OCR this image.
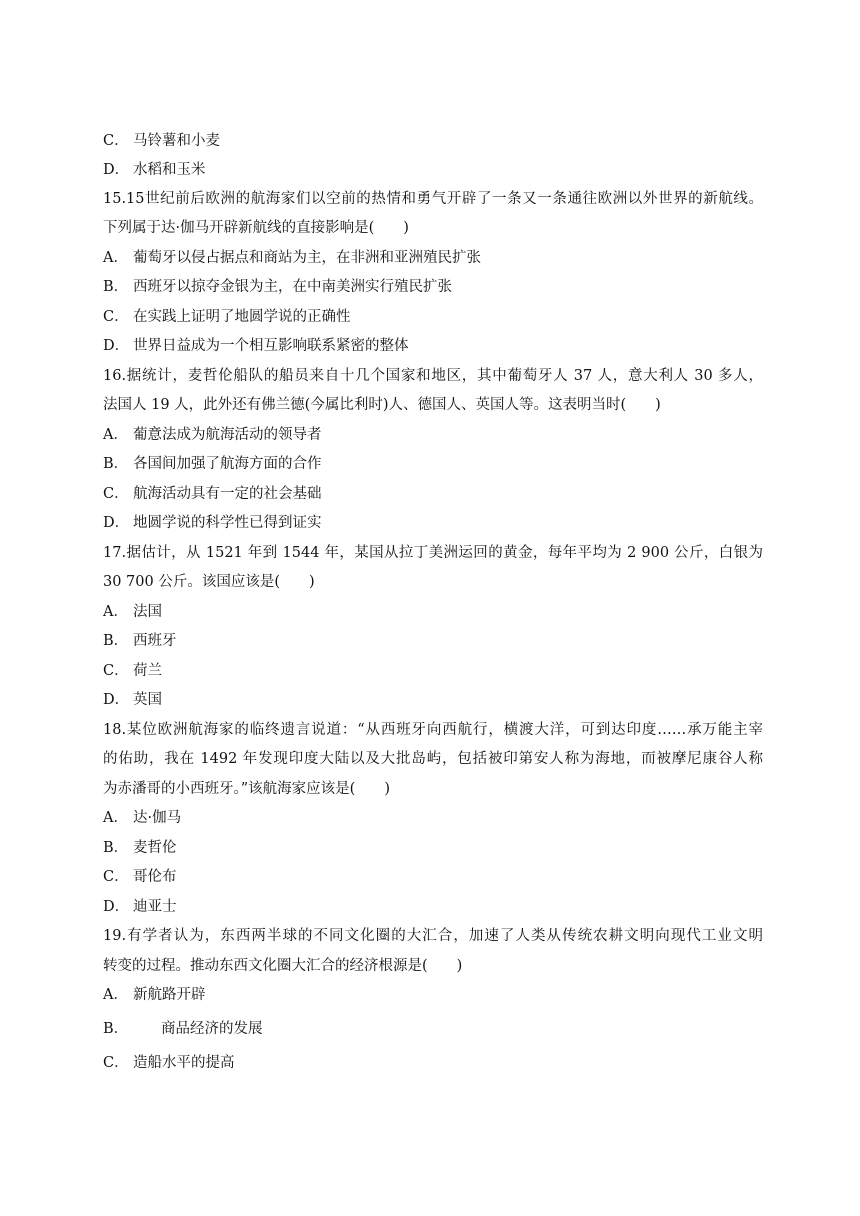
C． 马铃薯和小麦
D． 水稻和玉米
15.15世纪前后欧洲的航海家们以空前的热情和勇气开辟了一条又一条通往欧洲以外世界的新航线。
下列属于达·伽马开辟新航线的直接影响是(　　)
A． 葡萄牙以侵占据点和商站为主，在非洲和亚洲殖民扩张
B． 西班牙以掠夺金银为主，在中南美洲实行殖民扩张
C． 在实践上证明了地圆学说的正确性
D． 世界日益成为一个相互影响联系紧密的整体
16.据统计，麦哲伦船队的船员来自十几个国家和地区，其中葡萄牙人 37 人，意大利人 30 多人，
法国人 19 人，此外还有佛兰德(今属比利时)人、德国人、英国人等。这表明当时(　　)
A． 葡意法成为航海活动的领导者
B． 各国间加强了航海方面的合作
C． 航海活动具有一定的社会基础
D． 地圆学说的科学性已得到证实
17.据估计，从 1521 年到 1544 年，某国从拉丁美洲运回的黄金，每年平均为 2 900 公斤，白银为
30 700 公斤。该国应该是(　　)
A． 法国
B． 西班牙
C． 荷兰
D． 英国
18.某位欧洲航海家的临终遗言说道：“从西班牙向西航行，横渡大洋，可到达印度……承万能主宰
的佑助，我在 1492 年发现印度大陆以及大批岛屿，包括被印第安人称为海地，而被摩尼康谷人称
为赤潘哥的小西班牙。”该航海家应该是(　　)
A． 达·伽马
B． 麦哲伦
C． 哥伦布
D． 迪亚士
19.有学者认为，东西两半球的不同文化圈的大汇合，加速了人类从传统农耕文明向现代工业文明
转变的过程。推动东西文化圈大汇合的经济根源是(　　)
A． 新航路开辟
B． 商品经济的发展
C． 造船水平的提高
